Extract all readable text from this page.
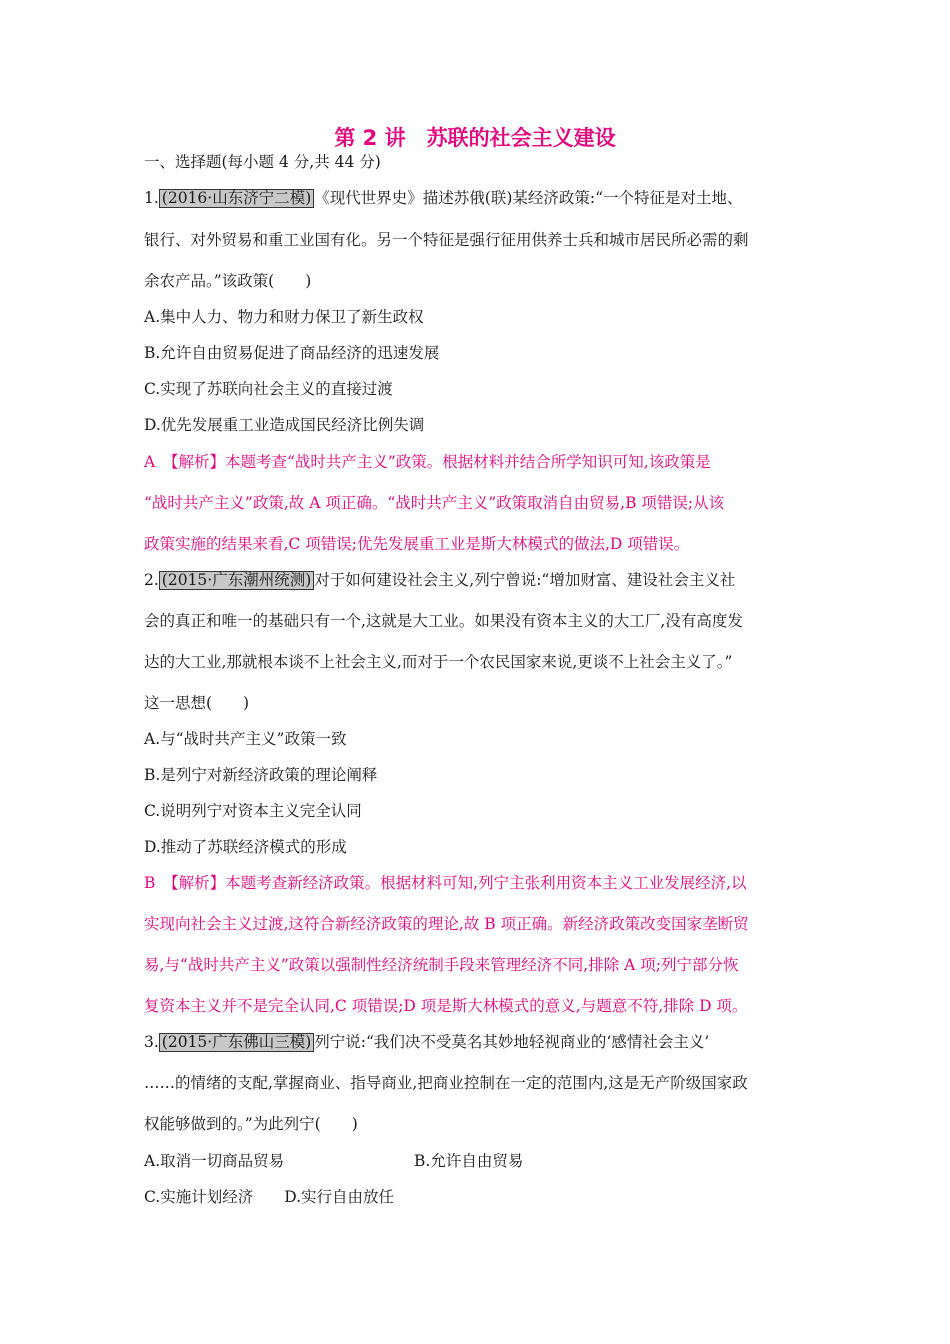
第 2 讲　苏联的社会主义建设
一、选择题(每小题 4 分,共 44 分)
1. (2016·山东济宁二模) 《现代世界史》描述苏俄(联)某经济政策:“一个特征是对土地、
银行、对外贸易和重工业国有化。另一个特征是强行征用供养士兵和城市居民所必需的剩
余农产品。”该政策(　　)
A.集中人力、物力和财力保卫了新生政权
B.允许自由贸易促进了商品经济的迅速发展
C.实现了苏联向社会主义的直接过渡
D.优先发展重工业造成国民经济比例失调
A　【解析】本题考查“战时共产主义”政策。根据材料并结合所学知识可知,该政策是
“战时共产主义”政策,故 A 项正确。“战时共产主义”政策取消自由贸易,B 项错误;从该
政策实施的结果来看,C 项错误;优先发展重工业是斯大林模式的做法,D 项错误。
2. (2015·广东潮州统测) 对于如何建设社会主义,列宁曾说:“增加财富、建设社会主义社
会的真正和唯一的基础只有一个,这就是大工业。如果没有资本主义的大工厂,没有高度发
达的大工业,那就根本谈不上社会主义,而对于一个农民国家来说,更谈不上社会主义了。”
这一思想(　　)
A.与“战时共产主义”政策一致
B.是列宁对新经济政策的理论阐释
C.说明列宁对资本主义完全认同
D.推动了苏联经济模式的形成
B　【解析】本题考查新经济政策。根据材料可知,列宁主张利用资本主义工业发展经济,以
实现向社会主义过渡,这符合新经济政策的理论,故 B 项正确。新经济政策改变国家垄断贸
易,与“战时共产主义”政策以强制性经济统制手段来管理经济不同,排除 A 项;列宁部分恢
复资本主义并不是完全认同,C 项错误;D 项是斯大林模式的意义,与题意不符,排除 D 项。
3. (2015·广东佛山三模) 列宁说:“我们决不受莫名其妙地轻视商业的‘感情社会主义’
……的情绪的支配,掌握商业、指导商业,把商业控制在一定的范围内,这是无产阶级国家政
权能够做到的。”为此列宁(　　)
A.取消一切商品贸易	B.允许自由贸易
C.实施计划经济　　D.实行自由放任
